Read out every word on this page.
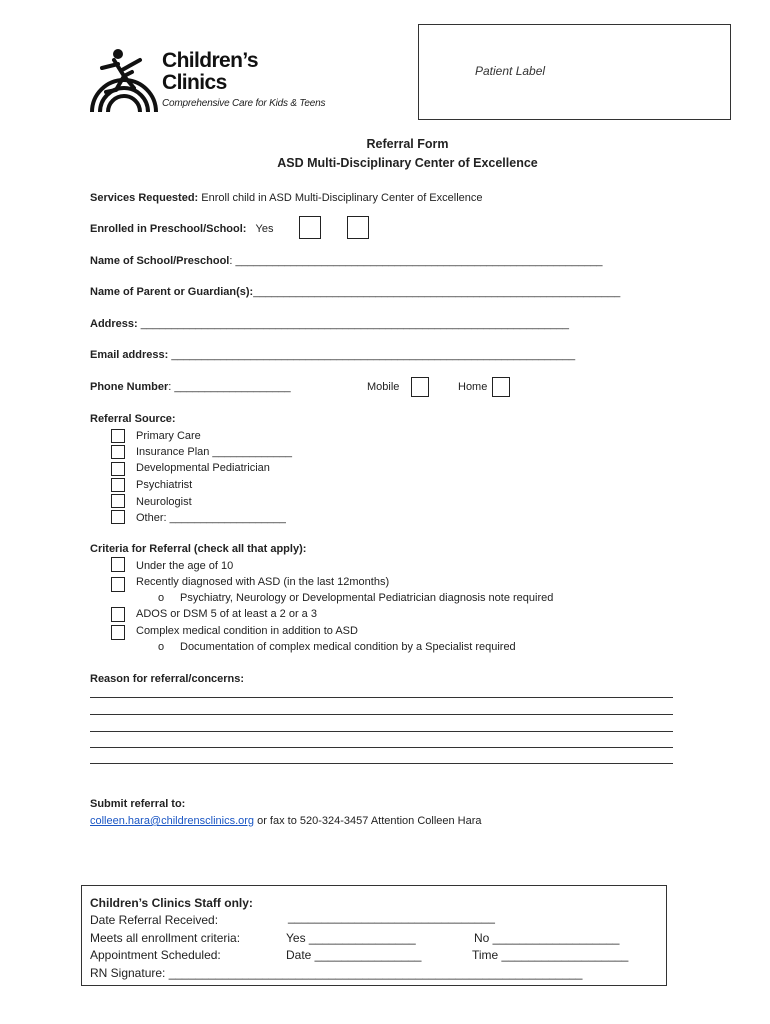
Children’s
Clinics
Comprehensive Care for Kids & Teens
Patient Label
Referral Form
ASD Multi-Disciplinary Center of Excellence
Services Requested: Enroll child in ASD Multi-Disciplinary Center of Excellence
Enrolled in Preschool/School: Yes
Name of School/Preschool: ____________________________________________________________
Name of Parent or Guardian(s):____________________________________________________________
Address: ______________________________________________________________________
Email address: __________________________________________________________________
Phone Number: ___________________	Mobile	Home
Referral Source:
Primary Care
Insurance Plan _____________
Developmental Pediatrician
Psychiatrist
Neurologist
Other: ___________________
Criteria for Referral (check all that apply):
Under the age of 10
Recently diagnosed with ASD (in the last 12months)
o Psychiatry, Neurology or Developmental Pediatrician diagnosis note required
ADOS or DSM 5 of at least a 2 or a 3
Complex medical condition in addition to ASD
o Documentation of complex medical condition by a Specialist required
Reason for referral/concerns:
Submit referral to:
colleen.hara@childrensclinics.org or fax to 520-324-3457 Attention Colleen Hara
Children’s Clinics Staff only:
Date Referral Received:	_______________________________
Meets all enrollment criteria:	Yes ________________	No ___________________
Appointment Scheduled:	Date ________________	Time ___________________
RN Signature: ______________________________________________________________
